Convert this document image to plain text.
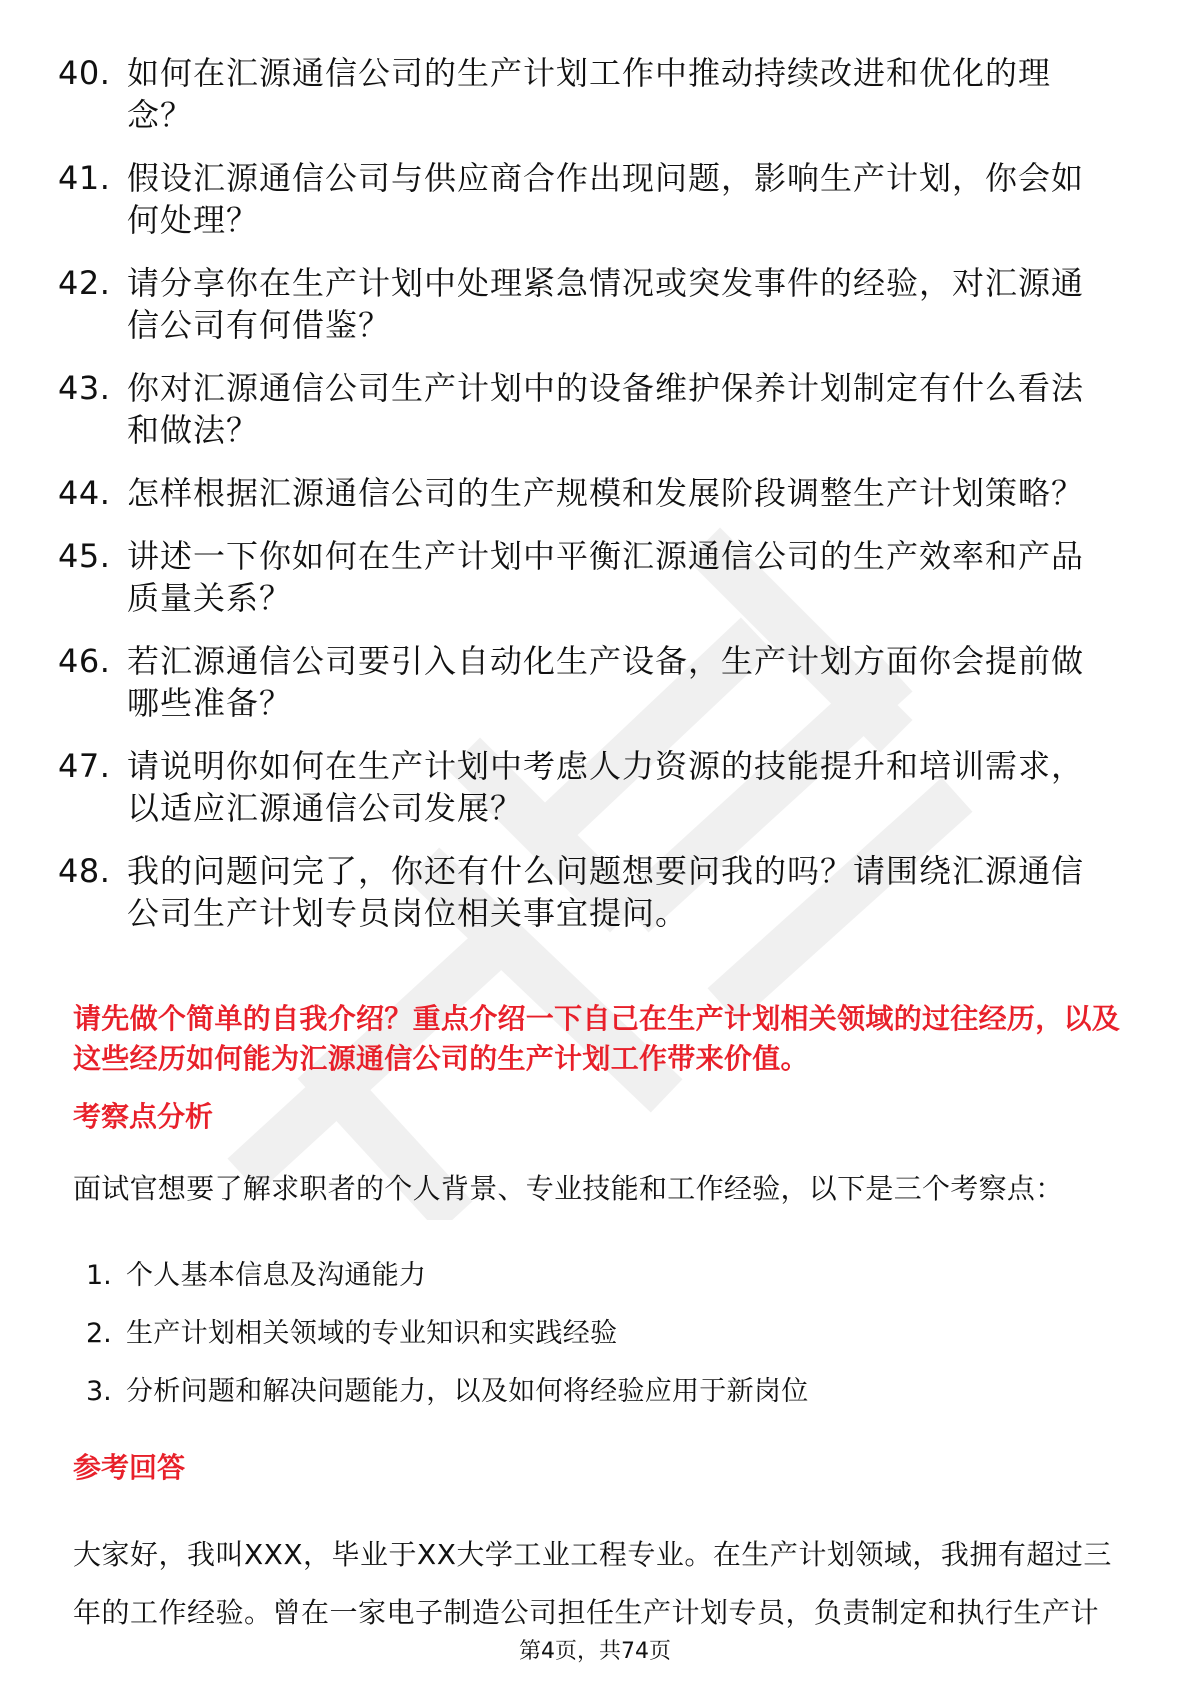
40. 如何在汇源通信公司的生产计划工作中推动持续改进和优化的理念？
41. 假设汇源通信公司与供应商合作出现问题，影响生产计划，你会如何处理？
42. 请分享你在生产计划中处理紧急情况或突发事件的经验，对汇源通信公司有何借鉴？
43. 你对汇源通信公司生产计划中的设备维护保养计划制定有什么看法和做法？
44. 怎样根据汇源通信公司的生产规模和发展阶段调整生产计划策略？
45. 讲述一下你如何在生产计划中平衡汇源通信公司的生产效率和产品质量关系？
46. 若汇源通信公司要引入自动化生产设备，生产计划方面你会提前做哪些准备？
47. 请说明你如何在生产计划中考虑人力资源的技能提升和培训需求，以适应汇源通信公司发展？
48. 我的问题问完了，你还有什么问题想要问我的吗？请围绕汇源通信公司生产计划专员岗位相关事宜提问。
请先做个简单的自我介绍？重点介绍一下自己在生产计划相关领域的过往经历，以及这些经历如何能为汇源通信公司的生产计划工作带来价值。
考察点分析
面试官想要了解求职者的个人背景、专业技能和工作经验，以下是三个考察点：
1. 个人基本信息及沟通能力
2. 生产计划相关领域的专业知识和实践经验
3. 分析问题和解决问题能力，以及如何将经验应用于新岗位
参考回答
大家好，我叫XXX，毕业于XX大学工业工程专业。在生产计划领域，我拥有超过三年的工作经验。曾在一家电子制造公司担任生产计划专员，负责制定和执行生产计
第4页，共74页
